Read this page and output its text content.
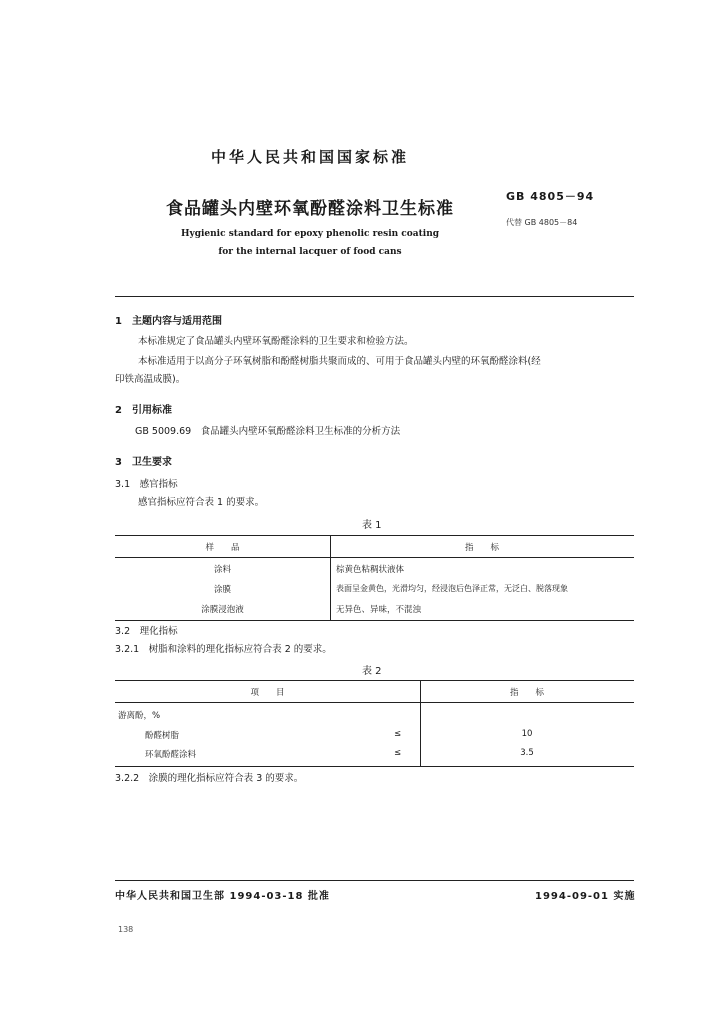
中华人民共和国国家标准
食品罐头内壁环氧酚醛涂料卫生标准
GB 4805－94
代替 GB 4805－84
Hygienic standard for epoxy phenolic resin coating
for the internal lacquer of food cans
1　主题内容与适用范围
本标准规定了食品罐头内壁环氧酚醛涂料的卫生要求和检验方法。
本标准适用于以高分子环氧树脂和酚醛树脂共聚而成的、可用于食品罐头内壁的环氧酚醛涂料(经
印铁高温成膜)。
2　引用标准
GB 5009.69　食品罐头内壁环氧酚醛涂料卫生标准的分析方法
3　卫生要求
3.1　感官指标
感官指标应符合表 1 的要求。
表 1
样　　品	指　　标
涂料	棕黄色粘稠状液体
涂膜	表面呈金黄色，光滑均匀，经浸泡后色泽正常，无泛白、脱落现象
涂膜浸泡液	无异色、异味，不混浊
3.2　理化指标
3.2.1　树脂和涂料的理化指标应符合表 2 的要求。
表 2
项　　目	指　　标
游离酚，%
酚醛树脂	≤	10
环氧酚醛涂料	≤	3.5
3.2.2　涂膜的理化指标应符合表 3 的要求。
中华人民共和国卫生部 1994-03-18 批准	1994-09-01 实施
138
